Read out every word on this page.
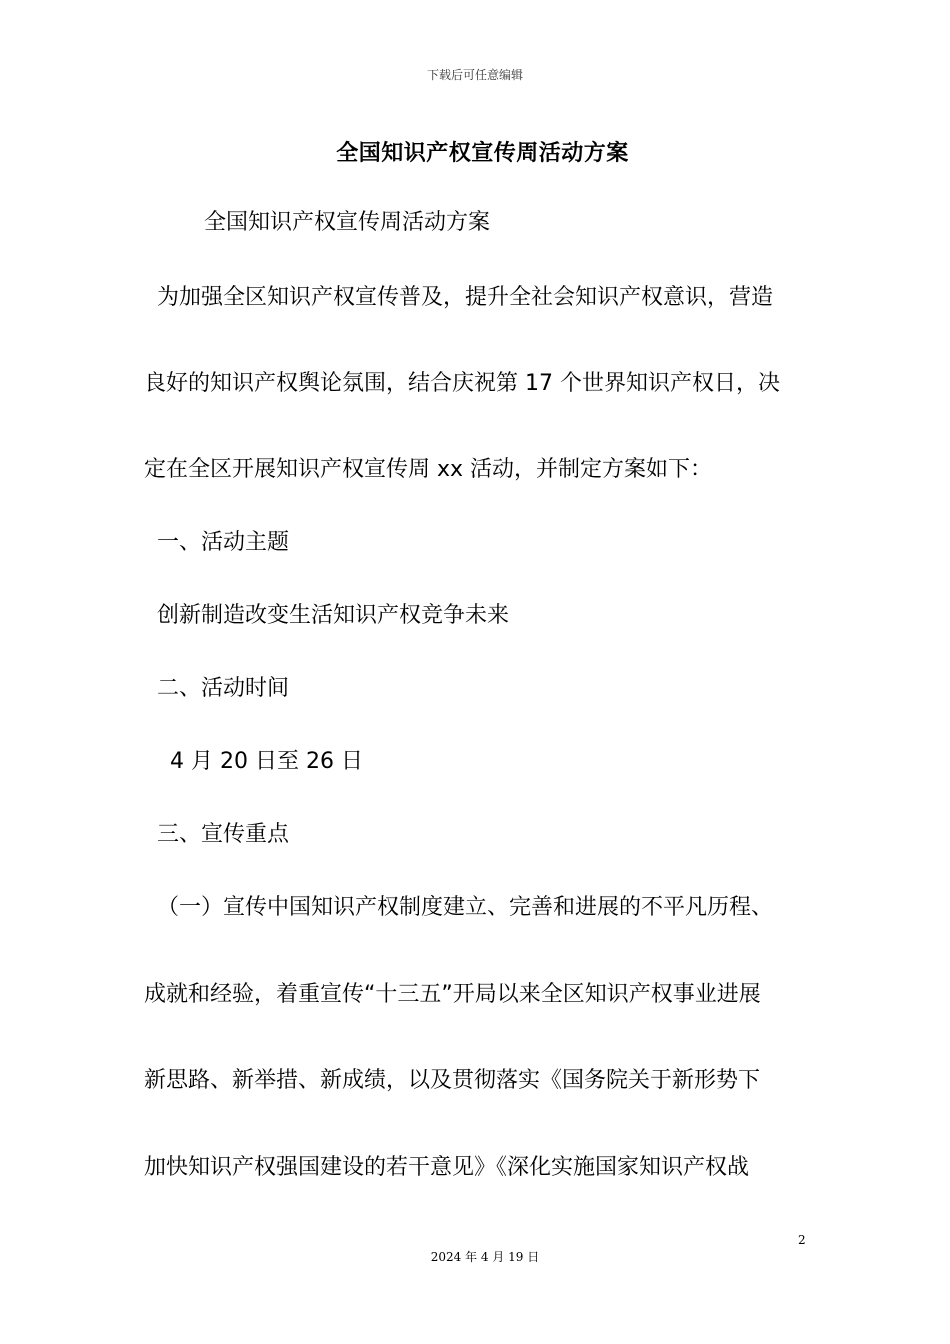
下载后可任意编辑
全国知识产权宣传周活动方案
全国知识产权宣传周活动方案
为加强全区知识产权宣传普及，提升全社会知识产权意识，营造
良好的知识产权舆论氛围，结合庆祝第 17 个世界知识产权日，决
定在全区开展知识产权宣传周 xx 活动，并制定方案如下：
一、活动主题
创新制造改变生活知识产权竞争未来
二、活动时间
4 月 20 日至 26 日
三、宣传重点
（一）宣传中国知识产权制度建立、完善和进展的不平凡历程、
成就和经验，着重宣传“十三五”开局以来全区知识产权事业进展
新思路、新举措、新成绩，以及贯彻落实《国务院关于新形势下
加快知识产权强国建设的若干意见》《深化实施国家知识产权战
2
2024 年 4 月 19 日
